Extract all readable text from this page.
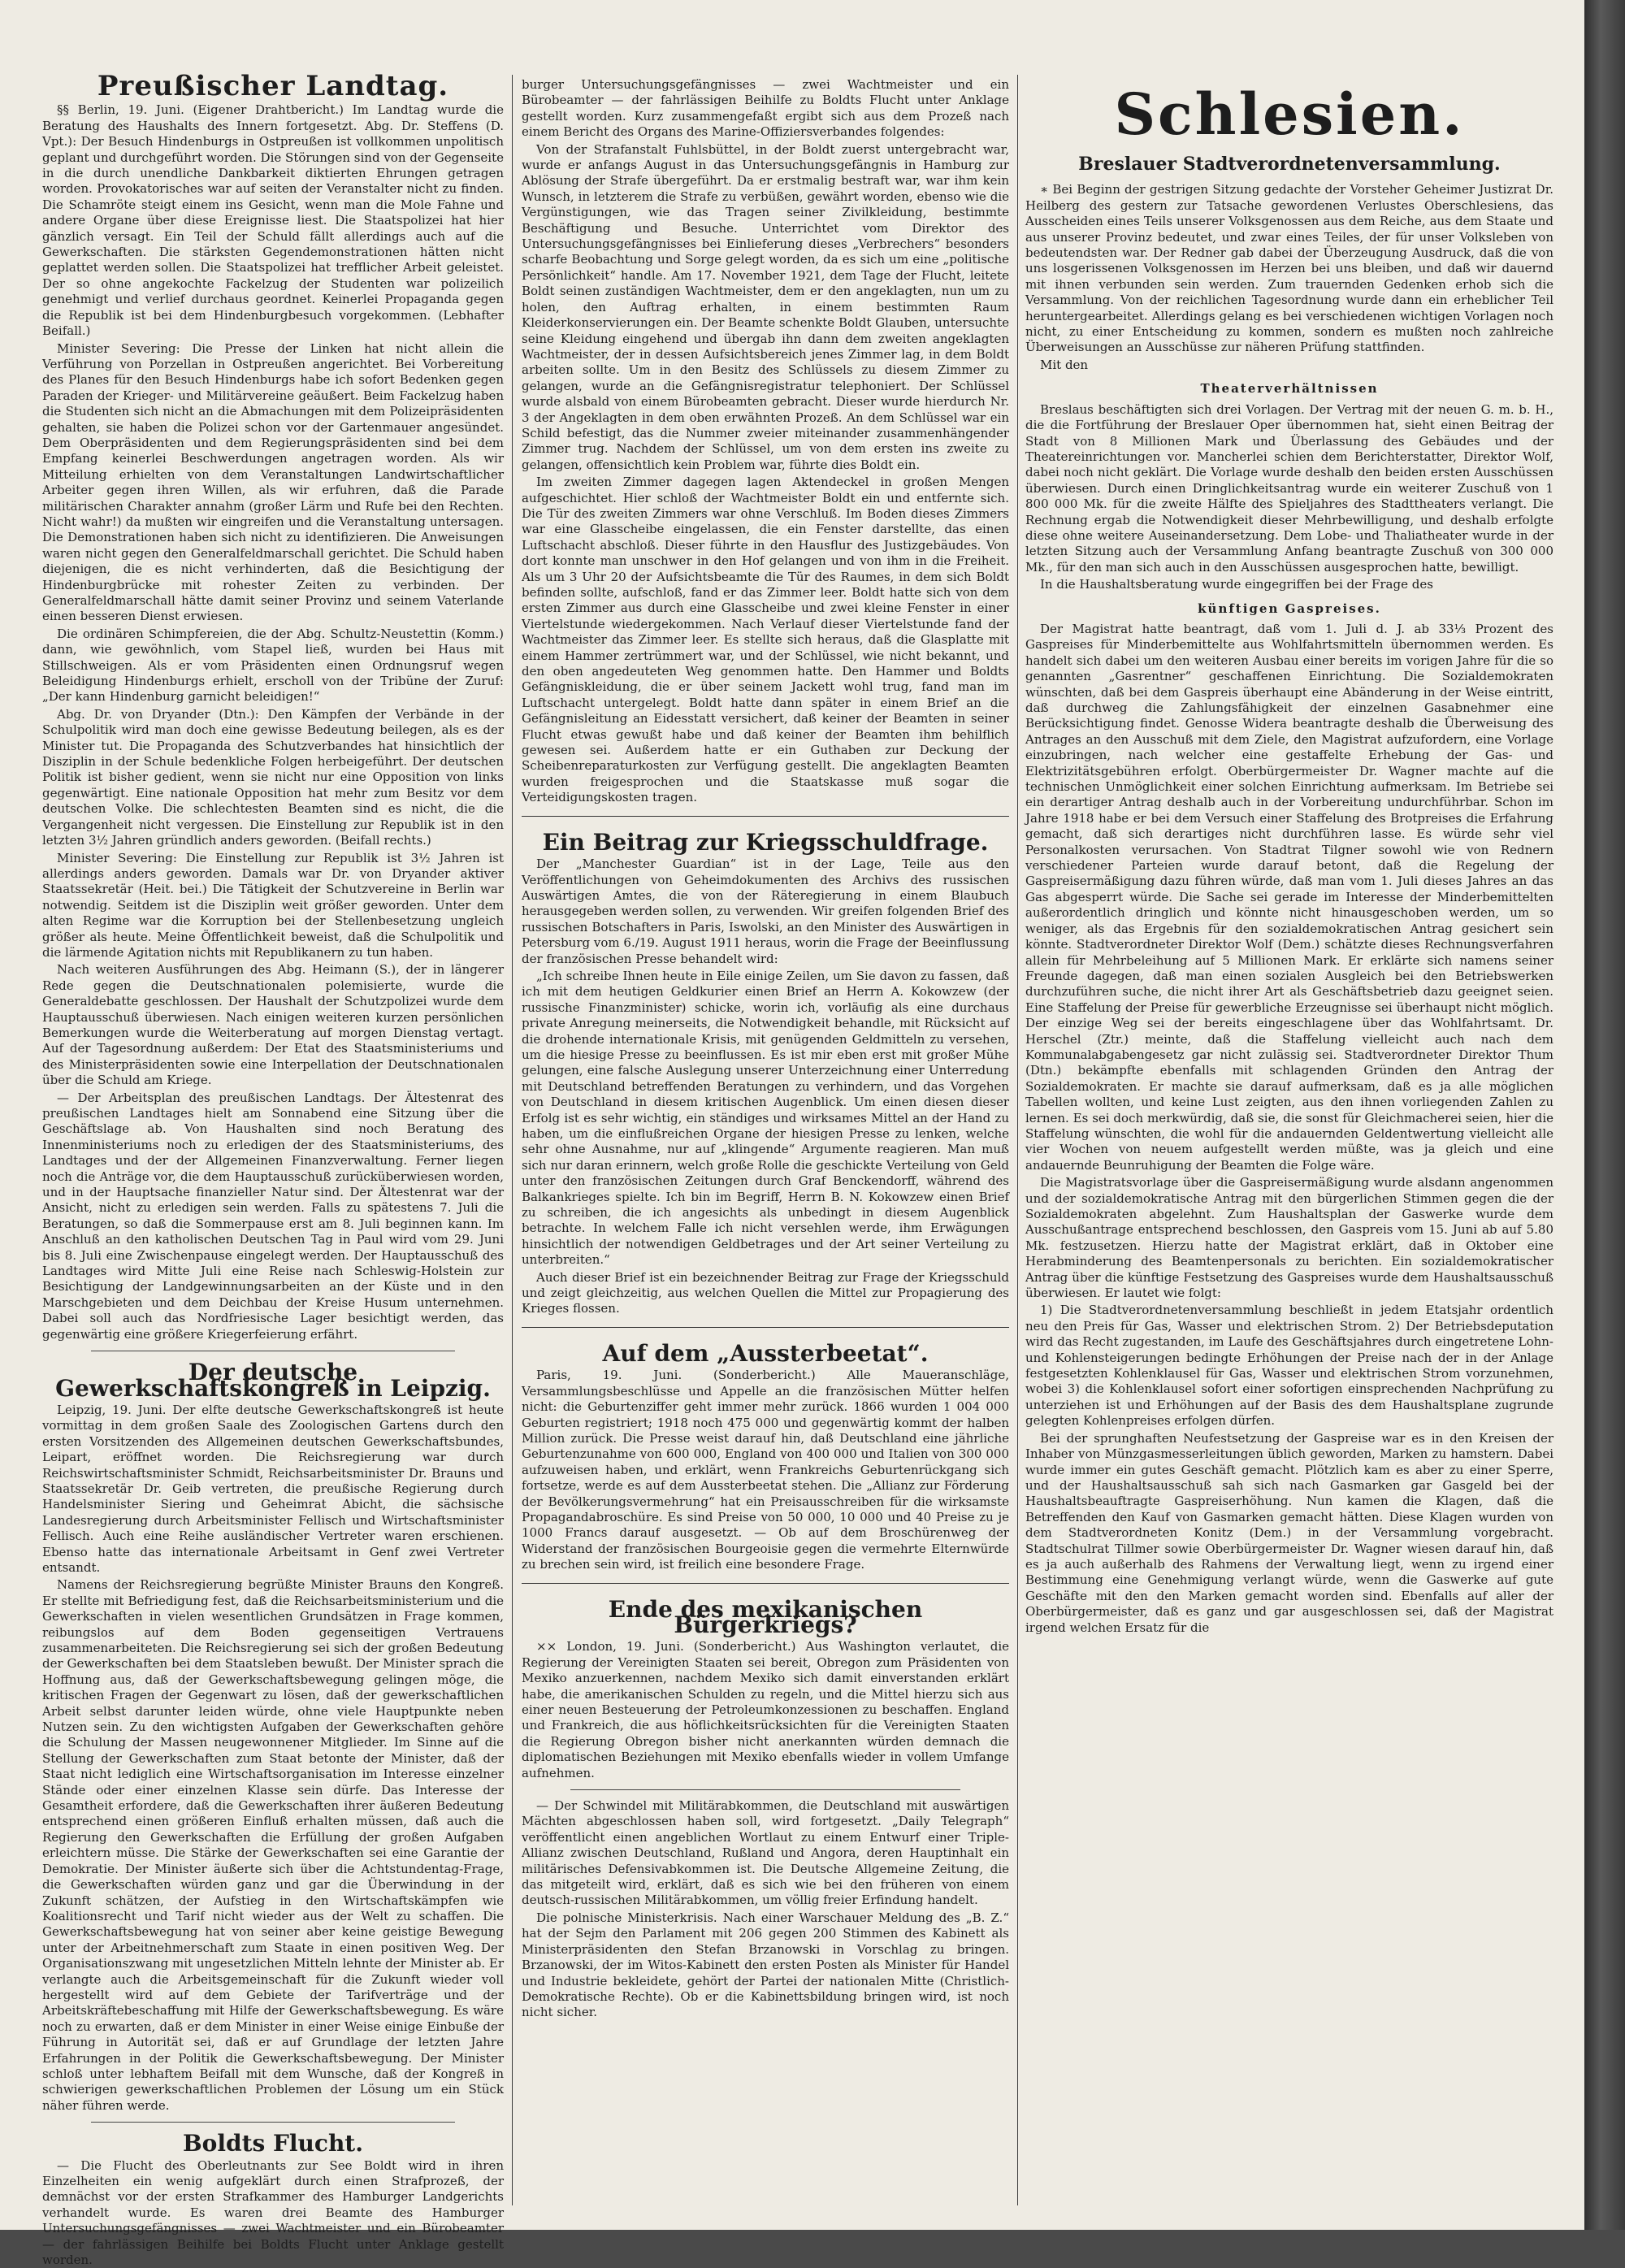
Preußischer Landtag.

§§ Berlin, 19. Juni. (Eigener Drahtbericht.) Im Landtag wurde die Beratung des Haushalts des Innern fortgesetzt. Abg. Dr. Steffens (D. Vpt.): Der Besuch Hindenburgs in Ostpreußen ist vollkommen unpolitisch geplant und durchgeführt worden. Die Störungen sind von der Gegenseite in die durch unendliche Dankbarkeit diktierten Ehrungen getragen worden. Provokatorisches war auf seiten der Veranstalter nicht zu finden. Die Schamröte steigt einem ins Gesicht, wenn man die Mole Fahne und andere Organe über diese Ereignisse liest. Die Staatspolizei hat hier gänzlich versagt. Ein Teil der Schuld fällt allerdings auch auf die Gewerkschaften. Die stärksten Gegendemonstrationen hätten nicht geplattet werden sollen. Die Staatspolizei hat trefflicher Arbeit geleistet. Der so ohne angekochte Fackelzug der Studenten war polizeilich genehmigt und verlief durchaus geordnet. Keinerlei Propaganda gegen die Republik ist bei dem Hindenburgbesuch vorgekommen. (Lebhafter Beifall.)

Minister Severing: Die Presse der Linken hat nicht allein die Verführung von Porzellan in Ostpreußen angerichtet. Bei Vorbereitung des Planes für den Besuch Hindenburgs habe ich sofort Bedenken gegen Paraden der Krieger- und Militärvereine geäußert. Beim Fackelzug haben die Studenten sich nicht an die Abmachungen mit dem Polizeipräsidenten gehalten, sie haben die Polizei schon vor der Gartenmauer angesündet. Dem Oberpräsidenten und dem Regierungspräsidenten sind bei dem Empfang keinerlei Beschwerdungen angetragen worden. Als wir Mitteilung erhielten von dem Veranstaltungen Landwirtschaftlicher Arbeiter gegen ihren Willen, als wir erfuhren, daß die Parade militärischen Charakter annahm (großer Lärm und Rufe bei den Rechten. Nicht wahr!) da mußten wir eingreifen und die Veranstaltung untersagen. Die Demonstrationen haben sich nicht zu identifizieren. Die Anweisungen waren nicht gegen den Generalfeldmarschall gerichtet. Die Schuld haben diejenigen, die es nicht verhinderten, daß die Besichtigung der Hindenburgbrücke mit rohester Zeiten zu verbinden. Der Generalfeldmarschall hätte damit seiner Provinz und seinem Vaterlande einen besseren Dienst erwiesen.

Die ordinären Schimpfereien, die der Abg. Schultz-Neustettin (Komm.) dann, wie gewöhnlich, vom Stapel ließ, wurden bei Haus mit Stillschweigen. Als er vom Präsidenten einen Ordnungsruf wegen Beleidigung Hindenburgs erhielt, erscholl von der Tribüne der Zuruf: „Der kann Hindenburg garnicht beleidigen!“

Abg. Dr. von Dryander (Dtn.): Den Kämpfen der Verbände in der Schulpolitik wird man doch eine gewisse Bedeutung beilegen, als es der Minister tut. Die Propaganda des Schutzverbandes hat hinsichtlich der Disziplin in der Schule bedenkliche Folgen herbeigeführt. Der deutschen Politik ist bisher gedient, wenn sie nicht nur eine Opposition von links gegenwärtigt. Eine nationale Opposition hat mehr zum Besitz vor dem deutschen Volke. Die schlechtesten Beamten sind es nicht, die die Vergangenheit nicht vergessen. Die Einstellung zur Republik ist in den letzten 3½ Jahren gründlich anders geworden. (Beifall rechts.)

Minister Severing: Die Einstellung zur Republik ist 3½ Jahren ist allerdings anders geworden. Damals war Dr. von Dryander aktiver Staatssekretär (Heit. bei.) Die Tätigkeit der Schutzvereine in Berlin war notwendig. Seitdem ist die Disziplin weit größer geworden. Unter dem alten Regime war die Korruption bei der Stellenbesetzung ungleich größer als heute. Meine Öffentlichkeit beweist, daß die Schulpolitik und die lärmende Agitation nichts mit Republikanern zu tun haben.

Nach weiteren Ausführungen des Abg. Heimann (S.), der in längerer Rede gegen die Deutschnationalen polemisierte, wurde die Generaldebatte geschlossen. Der Haushalt der Schutzpolizei wurde dem Hauptausschuß überwiesen. Nach einigen weiteren kurzen persönlichen Bemerkungen wurde die Weiterberatung auf morgen Dienstag vertagt. Auf der Tagesordnung außerdem: Der Etat des Staatsministeriums und des Ministerpräsidenten sowie eine Interpellation der Deutschnationalen über die Schuld am Kriege.

— Der Arbeitsplan des preußischen Landtags. Der Ältestenrat des preußischen Landtages hielt am Sonnabend eine Sitzung über die Geschäftslage ab. Von Haushalten sind noch Beratung des Innenministeriums noch zu erledigen der des Staatsministeriums, des Landtages und der der Allgemeinen Finanzverwaltung. Ferner liegen noch die Anträge vor, die dem Hauptausschuß zurücküberwiesen worden, und in der Hauptsache finanzieller Natur sind. Der Ältestenrat war der Ansicht, nicht zu erledigen sein werden. Falls zu spätestens 7. Juli die Beratungen, so daß die Sommerpause erst am 8. Juli beginnen kann. Im Anschluß an den katholischen Deutschen Tag in Paul wird vom 29. Juni bis 8. Juli eine Zwischenpause eingelegt werden. Der Hauptausschuß des Landtages wird Mitte Juli eine Reise nach Schleswig-Holstein zur Besichtigung der Landgewinnungsarbeiten an der Küste und in den Marschgebieten und dem Deichbau der Kreise Husum unternehmen. Dabei soll auch das Nordfriesische Lager besichtigt werden, das gegenwärtig eine größere Kriegerfeierung erfährt.

Der deutsche Gewerkschaftskongreß in Leipzig.

Leipzig, 19. Juni. Der elfte deutsche Gewerkschaftskongreß ist heute vormittag in dem großen Saale des Zoologischen Gartens durch den ersten Vorsitzenden des Allgemeinen deutschen Gewerkschaftsbundes, Leipart, eröffnet worden. Die Reichsregierung war durch Reichswirtschaftsminister Schmidt, Reichsarbeitsminister Dr. Brauns und Staatssekretär Dr. Geib vertreten, die preußische Regierung durch Handelsminister Siering und Geheimrat Abicht, die sächsische Landesregierung durch Arbeitsminister Fellisch und Wirtschaftsminister Fellisch. Auch eine Reihe ausländischer Vertreter waren erschienen. Ebenso hatte das internationale Arbeitsamt in Genf zwei Vertreter entsandt.

Namens der Reichsregierung begrüßte Minister Brauns den Kongreß. Er stellte mit Befriedigung fest, daß die Reichsarbeitsministerium und die Gewerkschaften in vielen wesentlichen Grundsätzen in Frage kommen, reibungslos auf dem Boden gegenseitigen Vertrauens zusammenarbeiteten. Die Reichsregierung sei sich der großen Bedeutung der Gewerkschaften bei dem Staatsleben bewußt. Der Minister sprach die Hoffnung aus, daß der Gewerkschaftsbewegung gelingen möge, die kritischen Fragen der Gegenwart zu lösen, daß der gewerkschaftlichen Arbeit selbst darunter leiden würde, ohne viele Hauptpunkte neben Nutzen sein. Zu den wichtigsten Aufgaben der Gewerkschaften gehöre die Schulung der Massen neugewonnener Mitglieder. Im Sinne auf die Stellung der Gewerkschaften zum Staat betonte der Minister, daß der Staat nicht lediglich eine Wirtschaftsorganisation im Interesse einzelner Stände oder einer einzelnen Klasse sein dürfe. Das Interesse der Gesamtheit erfordere, daß die Gewerkschaften ihrer äußeren Bedeutung entsprechend einen größeren Einfluß erhalten müssen, daß auch die Regierung den Gewerkschaften die Erfüllung der großen Aufgaben erleichtern müsse. Die Stärke der Gewerkschaften sei eine Garantie der Demokratie. Der Minister äußerte sich über die Achtstundentag-Frage, die Gewerkschaften würden ganz und gar die Überwindung in der Zukunft schätzen, der Aufstieg in den Wirtschaftskämpfen wie Koalitionsrecht und Tarif nicht wieder aus der Welt zu schaffen. Die Gewerkschaftsbewegung hat von seiner aber keine geistige Bewegung unter der Arbeitnehmerschaft zum Staate in einen positiven Weg. Der Organisationszwang mit ungesetzlichen Mitteln lehnte der Minister ab. Er verlangte auch die Arbeitsgemeinschaft für die Zukunft wieder voll hergestellt wird auf dem Gebiete der Tarifverträge und der Arbeitskräftebeschaffung mit Hilfe der Gewerkschaftsbewegung. Es wäre noch zu erwarten, daß er dem Minister in einer Weise einige Einbuße der Führung in Autorität sei, daß er auf Grundlage der letzten Jahre Erfahrungen in der Politik die Gewerkschaftsbewegung. Der Minister schloß unter lebhaftem Beifall mit dem Wunsche, daß der Kongreß in schwierigen gewerkschaftlichen Problemen der Lösung um ein Stück näher führen werde.

Boldts Flucht.

— Die Flucht des Oberleutnants zur See Boldt wird in ihren Einzelheiten ein wenig aufgeklärt durch einen Strafprozeß, der demnächst vor der ersten Strafkammer des Hamburger Landgerichts verhandelt wurde. Es waren drei Beamte des Hamburger Untersuchungsgefängnisses — zwei Wachtmeister und ein Bürobeamter — der fahrlässigen Beihilfe bei Boldts Flucht unter Anklage gestellt worden.

burger Untersuchungsgefängnisses — zwei Wachtmeister und ein Bürobeamter — der fahrlässigen Beihilfe zu Boldts Flucht unter Anklage gestellt worden. Kurz zusammengefaßt ergibt sich aus dem Prozeß nach einem Bericht des Organs des Marine-Offiziersverbandes folgendes:

Von der Strafanstalt Fuhlsbüttel, in der Boldt zuerst untergebracht war, wurde er anfangs August in das Untersuchungsgefängnis in Hamburg zur Ablösung der Strafe übergeführt. Da er erstmalig bestraft war, war ihm kein Wunsch, in letzterem die Strafe zu verbüßen, gewährt worden, ebenso wie die Vergünstigungen, wie das Tragen seiner Zivilkleidung, bestimmte Beschäftigung und Besuche. Unterrichtet vom Direktor des Untersuchungsgefängnisses bei Einlieferung dieses „Verbrechers“ besonders scharfe Beobachtung und Sorge gelegt worden, da es sich um eine „politische Persönlichkeit“ handle. Am 17. November 1921, dem Tage der Flucht, leitete Boldt seinen zuständigen Wachtmeister, dem er den angeklagten, nun um zu holen, den Auftrag erhalten, in einem bestimmten Raum Kleiderkonservierungen ein. Der Beamte schenkte Boldt Glauben, untersuchte seine Kleidung eingehend und übergab ihn dann dem zweiten angeklagten Wachtmeister, der in dessen Aufsichtsbereich jenes Zimmer lag, in dem Boldt arbeiten sollte. Um in den Besitz des Schlüssels zu diesem Zimmer zu gelangen, wurde an die Gefängnisregistratur telephoniert. Der Schlüssel wurde alsbald von einem Bürobeamten gebracht. Dieser wurde hierdurch Nr. 3 der Angeklagten in dem oben erwähnten Prozeß. An dem Schlüssel war ein Schild befestigt, das die Nummer zweier miteinander zusammenhängender Zimmer trug. Nachdem der Schlüssel, um von dem ersten ins zweite zu gelangen, offensichtlich kein Problem war, führte dies Boldt ein.

Im zweiten Zimmer dagegen lagen Aktendeckel in großen Mengen aufgeschichtet. Hier schloß der Wachtmeister Boldt ein und entfernte sich. Die Tür des zweiten Zimmers war ohne Verschluß. Im Boden dieses Zimmers war eine Glasscheibe eingelassen, die ein Fenster darstellte, das einen Luftschacht abschloß. Dieser führte in den Hausflur des Justizgebäudes. Von dort konnte man unschwer in den Hof gelangen und von ihm in die Freiheit. Als um 3 Uhr 20 der Aufsichtsbeamte die Tür des Raumes, in dem sich Boldt befinden sollte, aufschloß, fand er das Zimmer leer. Boldt hatte sich von dem ersten Zimmer aus durch eine Glasscheibe und zwei kleine Fenster in einer Viertelstunde wiedergekommen. Nach Verlauf dieser Viertelstunde fand der Wachtmeister das Zimmer leer. Es stellte sich heraus, daß die Glasplatte mit einem Hammer zertrümmert war, und der Schlüssel, wie nicht bekannt, und den oben angedeuteten Weg genommen hatte. Den Hammer und Boldts Gefängniskleidung, die er über seinem Jackett wohl trug, fand man im Luftschacht untergelegt. Boldt hatte dann später in einem Brief an die Gefängnisleitung an Eidesstatt versichert, daß keiner der Beamten in seiner Flucht etwas gewußt habe und daß keiner der Beamten ihm behilflich gewesen sei. Außerdem hatte er ein Guthaben zur Deckung der Scheibenreparaturkosten zur Verfügung gestellt. Die angeklagten Beamten wurden freigesprochen und die Staatskasse muß sogar die Verteidigungskosten tragen.

Ein Beitrag zur Kriegsschuldfrage.

Der „Manchester Guardian“ ist in der Lage, Teile aus den Veröffentlichungen von Geheimdokumenten des Archivs des russischen Auswärtigen Amtes, die von der Räteregierung in einem Blaubuch herausgegeben werden sollen, zu verwenden. Wir greifen folgenden Brief des russischen Botschafters in Paris, Iswolski, an den Minister des Auswärtigen in Petersburg vom 6./19. August 1911 heraus, worin die Frage der Beeinflussung der französischen Presse behandelt wird:

„Ich schreibe Ihnen heute in Eile einige Zeilen, um Sie davon zu fassen, daß ich mit dem heutigen Geldkurier einen Brief an Herrn A. Kokowzew (der russische Finanzminister) schicke, worin ich, vorläufig als eine durchaus private Anregung meinerseits, die Notwendigkeit behandle, mit Rücksicht auf die drohende internationale Krisis, mit genügenden Geldmitteln zu versehen, um die hiesige Presse zu beeinflussen. Es ist mir eben erst mit großer Mühe gelungen, eine falsche Auslegung unserer Unterzeichnung einer Unterredung mit Deutschland betreffenden Beratungen zu verhindern, und das Vorgehen von Deutschland in diesem kritischen Augenblick. Um einen diesen dieser Erfolg ist es sehr wichtig, ein ständiges und wirksames Mittel an der Hand zu haben, um die einflußreichen Organe der hiesigen Presse zu lenken, welche sehr ohne Ausnahme, nur auf „klingende“ Argumente reagieren. Man muß sich nur daran erinnern, welch große Rolle die geschickte Verteilung von Geld unter den französischen Zeitungen durch Graf Benckendorff, während des Balkankrieges spielte. Ich bin im Begriff, Herrn B. N. Kokowzew einen Brief zu schreiben, die ich angesichts als unbedingt in diesem Augenblick betrachte. In welchem Falle ich nicht versehlen werde, ihm Erwägungen hinsichtlich der notwendigen Geldbetrages und der Art seiner Verteilung zu unterbreiten.“

Auch dieser Brief ist ein bezeichnender Beitrag zur Frage der Kriegsschuld und zeigt gleichzeitig, aus welchen Quellen die Mittel zur Propagierung des Krieges flossen.

Auf dem „Aussterbeetat“.

Paris, 19. Juni. (Sonderbericht.) Alle Maueranschläge, Versammlungsbeschlüsse und Appelle an die französischen Mütter helfen nicht: die Geburtenziffer geht immer mehr zurück. 1866 wurden 1 004 000 Geburten registriert; 1918 noch 475 000 und gegenwärtig kommt der halben Million zurück. Die Presse weist darauf hin, daß Deutschland eine jährliche Geburtenzunahme von 600 000, England von 400 000 und Italien von 300 000 aufzuweisen haben, und erklärt, wenn Frankreichs Geburtenrückgang sich fortsetze, werde es auf dem Aussterbeetat stehen. Die „Allianz zur Förderung der Bevölkerungsvermehrung“ hat ein Preisausschreiben für die wirksamste Propagandabroschüre. Es sind Preise von 50 000, 10 000 und 40 Preise zu je 1000 Francs darauf ausgesetzt. — Ob auf dem Broschürenweg der Widerstand der französischen Bourgeoisie gegen die vermehrte Elternwürde zu brechen sein wird, ist freilich eine besondere Frage.

Ende des mexikanischen Bürgerkriegs?

×× London, 19. Juni. (Sonderbericht.) Aus Washington verlautet, die Regierung der Vereinigten Staaten sei bereit, Obregon zum Präsidenten von Mexiko anzuerkennen, nachdem Mexiko sich damit einverstanden erklärt habe, die amerikanischen Schulden zu regeln, und die Mittel hierzu sich aus einer neuen Besteuerung der Petroleumkonzessionen zu beschaffen. England und Frankreich, die aus höflichkeitsrücksichten für die Vereinigten Staaten die Regierung Obregon bisher nicht anerkannten würden demnach die diplomatischen Beziehungen mit Mexiko ebenfalls wieder in vollem Umfange aufnehmen.

— Der Schwindel mit Militärabkommen, die Deutschland mit auswärtigen Mächten abgeschlossen haben soll, wird fortgesetzt. „Daily Telegraph“ veröffentlicht einen angeblichen Wortlaut zu einem Entwurf einer Triple-Allianz zwischen Deutschland, Rußland und Angora, deren Hauptinhalt ein militärisches Defensivabkommen ist. Die Deutsche Allgemeine Zeitung, die das mitgeteilt wird, erklärt, daß es sich wie bei den früheren von einem deutsch-russischen Militärabkommen, um völlig freier Erfindung handelt.

Die polnische Ministerkrisis. Nach einer Warschauer Meldung des „B. Z.“ hat der Sejm den Parlament mit 206 gegen 200 Stimmen des Kabinett als Ministerpräsidenten den Stefan Brzanowski in Vorschlag zu bringen. Brzanowski, der im Witos-Kabinett den ersten Posten als Minister für Handel und Industrie bekleidete, gehört der Partei der nationalen Mitte (Christlich-Demokratische Rechte). Ob er die Kabinettsbildung bringen wird, ist noch nicht sicher.

Schlesien.
Breslauer Stadtverordnetenversammlung.

∗ Bei Beginn der gestrigen Sitzung gedachte der Vorsteher Geheimer Justizrat Dr. Heilberg des gestern zur Tatsache gewordenen Verlustes Oberschlesiens, das Ausscheiden eines Teils unserer Volksgenossen aus dem Reiche, aus dem Staate und aus unserer Provinz bedeutet, und zwar eines Teiles, der für unser Volksleben von bedeutendsten war. Der Redner gab dabei der Überzeugung Ausdruck, daß die von uns losgerissenen Volksgenossen im Herzen bei uns bleiben, und daß wir dauernd mit ihnen verbunden sein werden. Zum trauernden Gedenken erhob sich die Versammlung. Von der reichlichen Tagesordnung wurde dann ein erheblicher Teil heruntergearbeitet. Allerdings gelang es bei verschiedenen wichtigen Vorlagen noch nicht, zu einer Entscheidung zu kommen, sondern es mußten noch zahlreiche Überweisungen an Ausschüsse zur näheren Prüfung stattfinden.

Mit den

Theaterverhältnissen

Breslaus beschäftigten sich drei Vorlagen. Der Vertrag mit der neuen G. m. b. H., die die Fortführung der Breslauer Oper übernommen hat, sieht einen Beitrag der Stadt von 8 Millionen Mark und Überlassung des Gebäudes und der Theatereinrichtungen vor. Mancherlei schien dem Berichterstatter, Direktor Wolf, dabei noch nicht geklärt. Die Vorlage wurde deshalb den beiden ersten Ausschüssen überwiesen. Durch einen Dringlichkeitsantrag wurde ein weiterer Zuschuß von 1 800 000 Mk. für die zweite Hälfte des Spieljahres des Stadttheaters verlangt. Die Rechnung ergab die Notwendigkeit dieser Mehrbewilligung, und deshalb erfolgte diese ohne weitere Auseinandersetzung. Dem Lobe- und Thaliatheater wurde in der letzten Sitzung auch der Versammlung Anfang beantragte Zuschuß von 300 000 Mk., für den man sich auch in den Ausschüssen ausgesprochen hatte, bewilligt.

In die Haushaltsberatung wurde eingegriffen bei der Frage des

künftigen Gaspreises.

Der Magistrat hatte beantragt, daß vom 1. Juli d. J. ab 33⅓ Prozent des Gaspreises für Minderbemittelte aus Wohlfahrtsmitteln übernommen werden. Es handelt sich dabei um den weiteren Ausbau einer bereits im vorigen Jahre für die so genannten „Gasrentner“ geschaffenen Einrichtung. Die Sozialdemokraten wünschten, daß bei dem Gaspreis überhaupt eine Abänderung in der Weise eintritt, daß durchweg die Zahlungsfähigkeit der einzelnen Gasabnehmer eine Berücksichtigung findet. Genosse Widera beantragte deshalb die Überweisung des Antrages an den Ausschuß mit dem Ziele, den Magistrat aufzufordern, eine Vorlage einzubringen, nach welcher eine gestaffelte Erhebung der Gas- und Elektrizitätsgebühren erfolgt. Oberbürgermeister Dr. Wagner machte auf die technischen Unmöglichkeit einer solchen Einrichtung aufmerksam. Im Betriebe sei ein derartiger Antrag deshalb auch in der Vorbereitung undurchführbar. Schon im Jahre 1918 habe er bei dem Versuch einer Staffelung des Brotpreises die Erfahrung gemacht, daß sich derartiges nicht durchführen lasse. Es würde sehr viel Personalkosten verursachen. Von Stadtrat Tilgner sowohl wie von Rednern verschiedener Parteien wurde darauf betont, daß die Regelung der Gaspreisermäßigung dazu führen würde, daß man vom 1. Juli dieses Jahres an das Gas abgesperrt würde. Die Sache sei gerade im Interesse der Minderbemittelten außerordentlich dringlich und könnte nicht hinausgeschoben werden, um so weniger, als das Ergebnis für den sozialdemokratischen Antrag gesichert sein könnte. Stadtverordneter Direktor Wolf (Dem.) schätzte dieses Rechnungsverfahren allein für Mehrbeleihung auf 5 Millionen Mark. Er erklärte sich namens seiner Freunde dagegen, daß man einen sozialen Ausgleich bei den Betriebswerken durchzuführen suche, die nicht ihrer Art als Geschäftsbetrieb dazu geeignet seien. Eine Staffelung der Preise für gewerbliche Erzeugnisse sei überhaupt nicht möglich. Der einzige Weg sei der bereits eingeschlagene über das Wohlfahrtsamt. Dr. Herschel (Ztr.) meinte, daß die Staffelung vielleicht auch nach dem Kommunalabgabengesetz gar nicht zulässig sei. Stadtverordneter Direktor Thum (Dtn.) bekämpfte ebenfalls mit schlagenden Gründen den Antrag der Sozialdemokraten. Er machte sie darauf aufmerksam, daß es ja alle möglichen Tabellen wollten, und keine Lust zeigten, aus den ihnen vorliegenden Zahlen zu lernen. Es sei doch merkwürdig, daß sie, die sonst für Gleichmacherei seien, hier die Staffelung wünschten, die wohl für die andauernden Geldentwertung vielleicht alle vier Wochen von neuem aufgestellt werden müßte, was ja gleich und eine andauernde Beunruhigung der Beamten die Folge wäre.

Die Magistratsvorlage über die Gaspreisermäßigung wurde alsdann angenommen und der sozialdemokratische Antrag mit den bürgerlichen Stimmen gegen die der Sozialdemokraten abgelehnt. Zum Haushaltsplan der Gaswerke wurde dem Ausschußantrage entsprechend beschlossen, den Gaspreis vom 15. Juni ab auf 5.80 Mk. festzusetzen. Hierzu hatte der Magistrat erklärt, daß in Oktober eine Herabminderung des Beamtenpersonals zu berichten. Ein sozialdemokratischer Antrag über die künftige Festsetzung des Gaspreises wurde dem Haushaltsausschuß überwiesen. Er lautet wie folgt:

1) Die Stadtverordnetenversammlung beschließt in jedem Etatsjahr ordentlich neu den Preis für Gas, Wasser und elektrischen Strom. 2) Der Betriebsdeputation wird das Recht zugestanden, im Laufe des Geschäftsjahres durch eingetretene Lohn- und Kohlensteigerungen bedingte Erhöhungen der Preise nach der in der Anlage festgesetzten Kohlenklausel für Gas, Wasser und elektrischen Strom vorzunehmen, wobei 3) die Kohlenklausel sofort einer sofortigen einsprechenden Nachprüfung zu unterziehen ist und Erhöhungen auf der Basis des dem Haushaltsplane zugrunde gelegten Kohlenpreises erfolgen dürfen.

Bei der sprunghaften Neufestsetzung der Gaspreise war es in den Kreisen der Inhaber von Münzgasmesserleitungen üblich geworden, Marken zu hamstern. Dabei wurde immer ein gutes Geschäft gemacht. Plötzlich kam es aber zu einer Sperre, und der Haushaltsausschuß sah sich nach Gasmarken gar Gasgeld bei der Haushaltsbeauftragte Gaspreiserhöhung. Nun kamen die Klagen, daß die Betreffenden den Kauf von Gasmarken gemacht hätten. Diese Klagen wurden von dem Stadtverordneten Konitz (Dem.) in der Versammlung vorgebracht. Stadtschulrat Tillmer sowie Oberbürgermeister Dr. Wagner wiesen darauf hin, daß es ja auch außerhalb des Rahmens der Verwaltung liegt, wenn zu irgend einer Bestimmung eine Genehmigung verlangt würde, wenn die Gaswerke auf gute Geschäfte mit den den Marken gemacht worden sind. Ebenfalls auf aller der Oberbürgermeister, daß es ganz und gar ausgeschlossen sei, daß der Magistrat irgend welchen Ersatz für die
